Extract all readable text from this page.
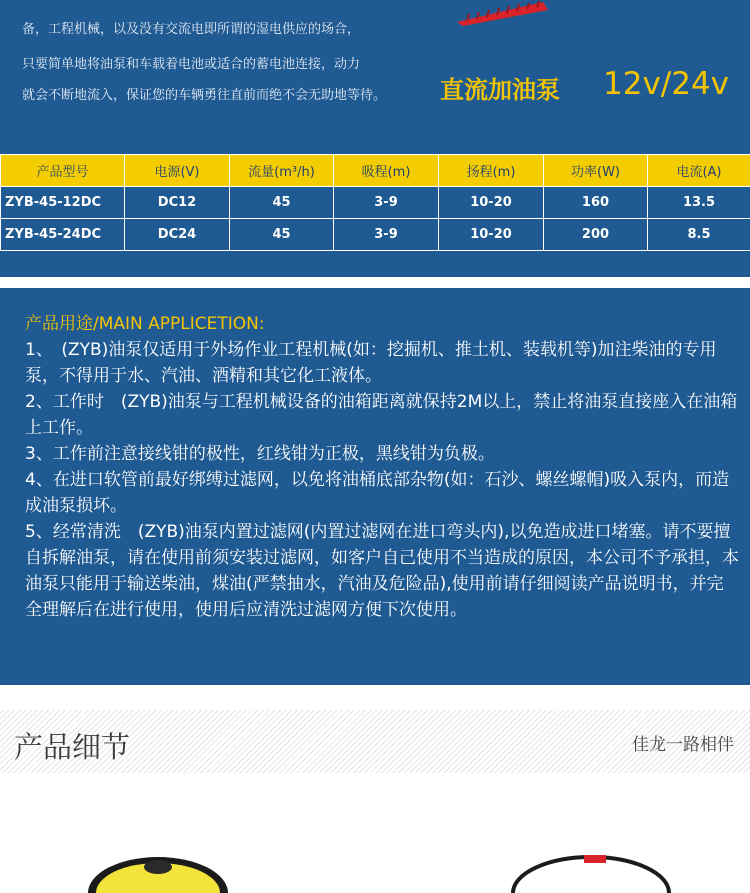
备，工程机械，以及没有交流电即所谓的湿电供应的场合，
只要简单地将油泵和车载着电池或适合的蓄电池连接，动力
就会不断地流入，保证您的车辆勇往直前而绝不会无助地等待。 直流加油泵 12v/24v
产品型号	电源(V)	流量(m³/h)	吸程(m)	扬程(m)	功率(W)	电流(A)
ZYB-45-12DC	DC12	45	3-9	10-20	160	13.5
ZYB-45-24DC	DC24	45	3-9	10-20	200	8.5
产品用途/MAIN APPLICETION:
1、　(ZYB)油泵仅适用于外场作业工程机械(如：挖掘机、推土机、装载机等)加注柴油的专用泵，不得用于水、汽油、酒精和其它化工液体。
2、工作时　(ZYB)油泵与工程机械设备的油箱距离就保持2M以上，禁止将油泵直接座入在油箱上工作。
3、工作前注意接线钳的极性，红线钳为正极，黑线钳为负极。
4、在进口软管前最好绑缚过滤网，以免将油桶底部杂物(如：石沙、螺丝螺帽)吸入泵内，而造成油泵损坏。
5、经常清洗　(ZYB)油泵内置过滤网(内置过滤网在进口弯头内),以免造成进口堵塞。请不要擅自拆解油泵，请在使用前须安装过滤网，如客户自己使用不当造成的原因，本公司不予承担，本油泵只能用于输送柴油，煤油(严禁抽水，汽油及危险品),使用前请仔细阅读产品说明书，并完全理解后在进行使用，使用后应清洗过滤网方便下次使用。
产品细节	佳龙一路相伴
